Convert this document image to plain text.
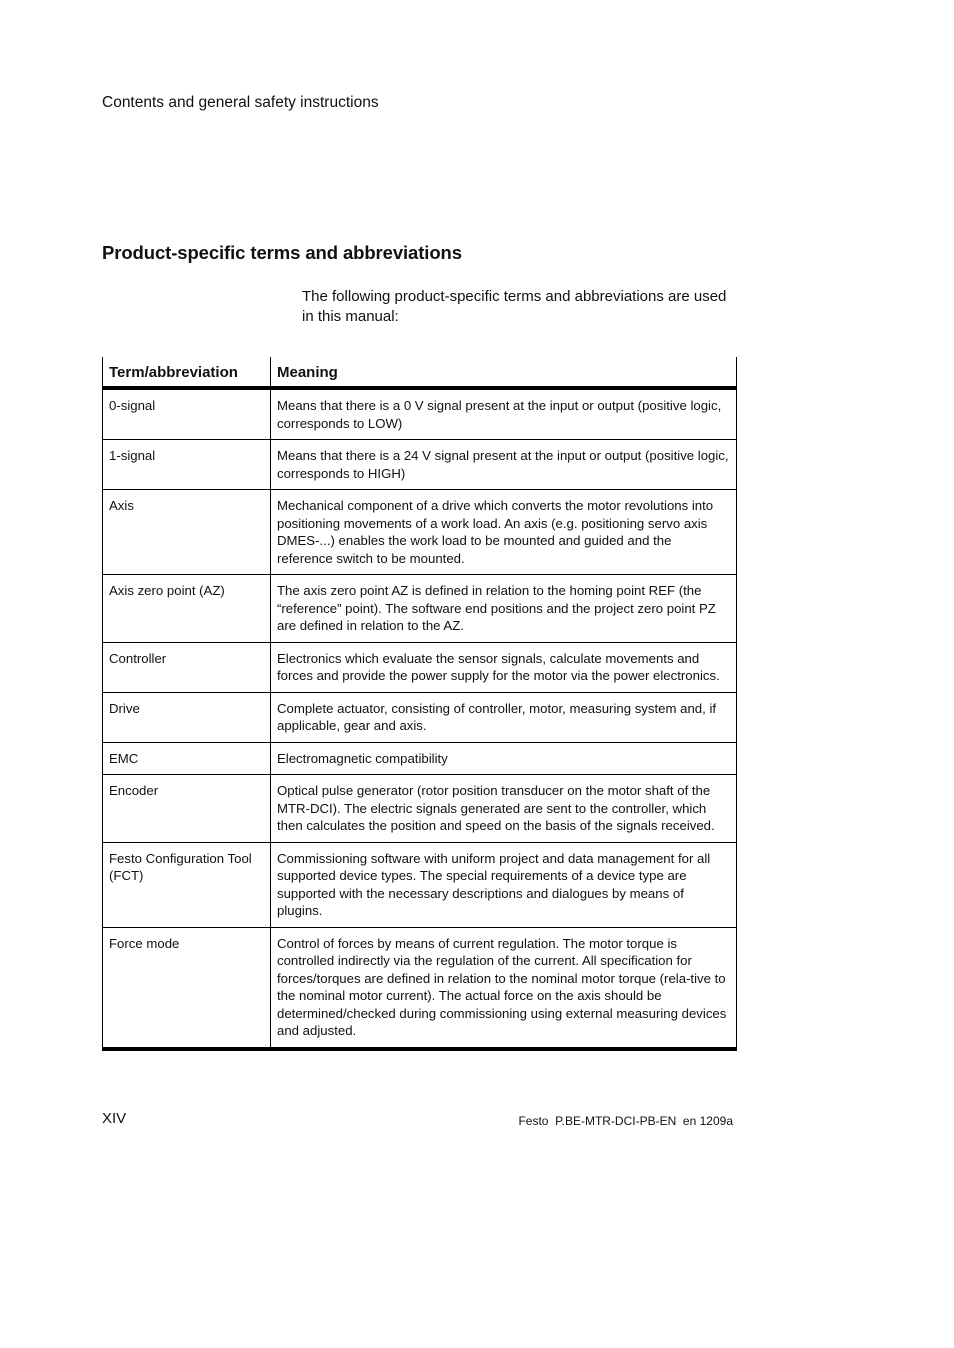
Contents and general safety instructions
Product-specific terms and abbreviations
The following product-specific terms and abbreviations are used in this manual:
Term/abbreviation	Meaning
0-signal	Means that there is a 0 V signal present at the input or output (positive logic, corresponds to LOW)
1-signal	Means that there is a 24 V signal present at the input or output (positive logic, corresponds to HIGH)
Axis	Mechanical component of a drive which converts the motor revolutions into positioning movements of a work load. An axis (e.g. positioning servo axis DMES-...) enables the work load to be mounted and guided and the reference switch to be mounted.
Axis zero point (AZ)	The axis zero point AZ is defined in relation to the homing point REF (the “reference” point). The software end positions and the project zero point PZ are defined in relation to the AZ.
Controller	Electronics which evaluate the sensor signals, calculate movements and forces and provide the power supply for the motor via the power electronics.
Drive	Complete actuator, consisting of controller, motor, measuring system and, if applicable, gear and axis.
EMC	Electromagnetic compatibility
Encoder	Optical pulse generator (rotor position transducer on the motor shaft of the MTR-DCI). The electric signals generated are sent to the controller, which then calculates the position and speed on the basis of the signals received.
Festo Configuration Tool (FCT)	Commissioning software with uniform project and data management for all supported device types. The special requirements of a device type are supported with the necessary descriptions and dialogues by means of plugins.
Force mode	Control of forces by means of current regulation. The motor torque is controlled indirectly via the regulation of the current. All specification for forces/torques are defined in relation to the nominal motor torque (rela-tive to the nominal motor current). The actual force on the axis should be determined/checked during commissioning using external measuring devices and adjusted.
XIV	Festo  P.BE-MTR-DCI-PB-EN  en 1209a
